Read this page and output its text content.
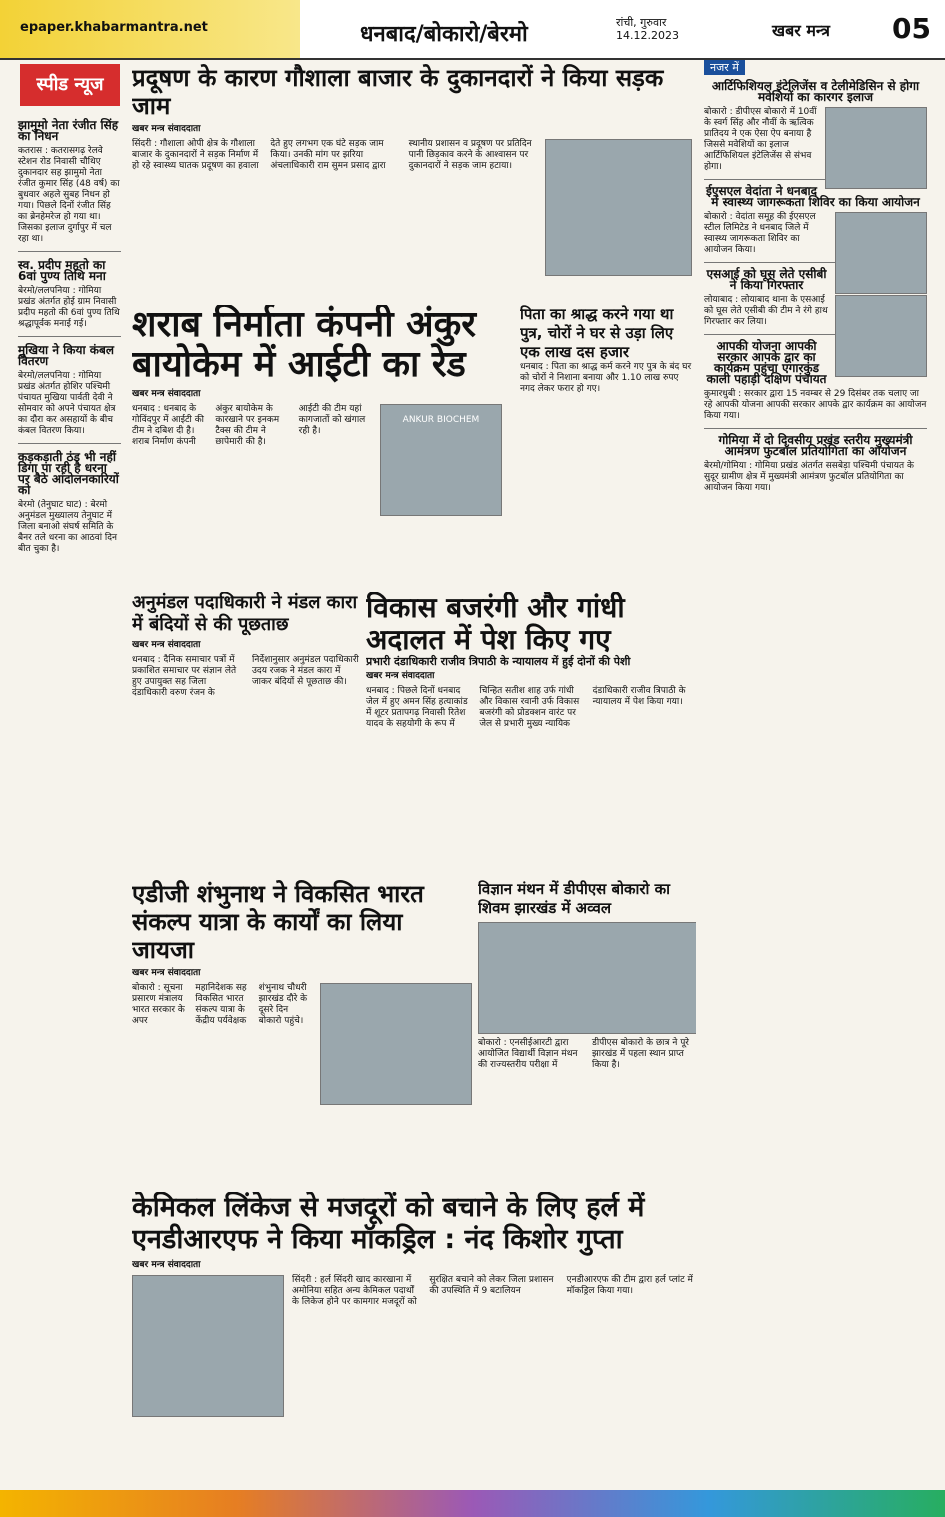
epaper.khabarmantra.net	धनबाद/बोकारो/बेरमो	रांची, गुरुवार
14.12.2023	खबर मन्त्र 05
स्पीड न्यूज
झामुमो नेता रंजीत सिंह का निधन
कतरास : कतरासगढ़ रेलवे स्टेशन रोड निवासी चौथिए दुकानदार सह झामुमो नेता रंजीत कुमार सिंह (48 वर्ष) का बुधवार अहले सुबह निधन हो गया। पिछले दिनों रंजीत सिंह का ब्रेनहेमरेज हो गया था। जिसका इलाज दुर्गापुर में चल रहा था।
स्व. प्रदीप महतो का 6वां पुण्य तिथि मना
बेरमो/ललपनिया : गोमिया प्रखंड अंतर्गत होई ग्राम निवासी प्रदीप महतो की 6वां पुण्य तिथि श्रद्धापूर्वक मनाई गई।
मुखिया ने किया कंबल वितरण
बेरमो/ललपनिया : गोमिया प्रखंड अंतर्गत होशिर पश्चिमी पंचायत मुखिया पार्वती देवी ने सोमवार को अपने पंचायत क्षेत्र का दौरा कर असहायों के बीच कंबल वितरण किया।
कड़कड़ाती ठंड भी नहीं डिगा पा रही है धरना पर बैठे आंदोलनकारियों को
बेरमो (तेनुघाट घाट) : बेरमो अनुमंडल मुख्यालय तेनुघाट में जिला बनाओ संघर्ष समिति के बैनर तले धरना का आठवां दिन बीत चुका है।
प्रदूषण के कारण गौशाला बाजार के दुकानदारों ने किया सड़क जाम
खबर मन्त्र संवाददाता
सिंदरी : गौशाला ओपी क्षेत्र के गौशाला बाजार के दुकानदारों ने सड़क निर्माण में हो रहे स्वास्थ्य घातक प्रदूषण का हवाला देते हुए लगभग एक घंटे सड़क जाम किया। उनकी मांग पर झरिया अंचलाधिकारी राम सुमन प्रसाद द्वारा स्थानीय प्रशासन व प्रदूषण पर प्रतिदिन पानी छिड़काव करने के आश्वासन पर दुकानदारों ने सड़क जाम हटाया।
शराब निर्माता कंपनी अंकुर बायोकेम में आईटी का रेड
खबर मन्त्र संवाददाता
ANKUR BIOCHEM
धनबाद : धनबाद के गोविंदपुर में आईटी की टीम ने दबिश दी है। शराब निर्माण कंपनी अंकुर बायोकेम के कारखाने पर इनकम टैक्स की टीम ने छापेमारी की है। आईटी की टीम यहां कागजातों को खंगाल रही है।
पिता का श्राद्ध करने गया था पुत्र, चोरों ने घर से उड़ा लिए एक लाख दस हजार
धनबाद : पिता का श्राद्ध कर्म करने गए पुत्र के बंद घर को चोरों ने निशाना बनाया और 1.10 लाख रुपए नगद लेकर फरार हो गए।
अनुमंडल पदाधिकारी ने मंडल कारा में बंदियों से की पूछताछ
खबर मन्त्र संवाददाता
धनबाद : दैनिक समाचार पत्रों में प्रकाशित समाचार पर संज्ञान लेते हुए उपायुक्त सह जिला दंडाधिकारी वरुण रंजन के निर्देशानुसार अनुमंडल पदाधिकारी उदय रजक ने मंडल कारा में जाकर बंदियों से पूछताछ की।
विकास बजरंगी और गांधी अदालत में पेश किए गए
प्रभारी दंडाधिकारी राजीव त्रिपाठी के न्यायालय में हुई दोनों की पेशी
खबर मन्त्र संवाददाता
धनबाद : पिछले दिनों धनबाद जेल में हुए अमन सिंह हत्याकांड में शूटर प्रतापगढ़ निवासी रितेश यादव के सहयोगी के रूप में चिन्हित सतीश शाह उर्फ गांधी और विकास रवानी उर्फ विकास बजरंगी को प्रोडक्शन वारंट पर जेल से प्रभारी मुख्य न्यायिक दंडाधिकारी राजीव त्रिपाठी के न्यायालय में पेश किया गया।
एडीजी शंभुनाथ ने विकसित भारत संकल्प यात्रा के कार्यों का लिया जायजा
खबर मन्त्र संवाददाता
बोकारो : सूचना प्रसारण मंत्रालय भारत सरकार के अपर महानिदेशक सह विकसित भारत संकल्प यात्रा के केंद्रीय पर्यवेक्षक शंभुनाथ चौधरी झारखंड दौरे के दूसरे दिन बोकारो पहुंचे।
विज्ञान मंथन में डीपीएस बोकारो का शिवम झारखंड में अव्वल
बोकारो : एनसीईआरटी द्वारा आयोजित विद्यार्थी विज्ञान मंथन की राज्यस्तरीय परीक्षा में डीपीएस बोकारो के छात्र ने पूरे झारखंड में पहला स्थान प्राप्त किया है।
केमिकल लिंकेज से मजदूरों को बचाने के लिए हर्ल में एनडीआरएफ ने किया मॉकड्रिल : नंद किशोर गुप्ता
खबर मन्त्र संवाददाता
सिंदरी : हर्ल सिंदरी खाद कारखाना में अमोनिया सहित अन्य केमिकल पदार्थों के लिकेज होने पर कामगार मजदूरों को सुरक्षित बचाने को लेकर जिला प्रशासन की उपस्थिति में 9 बटालियन एनडीआरएफ की टीम द्वारा हर्ल प्लांट में मॉकड्रिल किया गया।
नजर में
आर्टिफिशियल इंटेलिजेंस व टेलीमेडिसिन से होगा मवेशियों का कारगर इलाज
बोकारो : डीपीएस बोकारो में 10वीं के स्वर्ग सिंह और नौवीं के ऋत्विक प्रातिदय ने एक ऐसा ऐप बनाया है जिससे मवेशियों का इलाज आर्टिफिशियल इंटेलिजेंस से संभव होगा।
ईएसएल वेदांता ने धनबाद में स्वास्थ्य जागरूकता शिविर का किया आयोजन
बोकारो : वेदांता समूह की ईएसएल स्टील लिमिटेड ने धनबाद जिले में स्वास्थ्य जागरूकता शिविर का आयोजन किया।
एसआई को घूस लेते एसीबी ने किया गिरफ्तार
लोयाबाद : लोयाबाद थाना के एसआई को घूस लेते एसीबी की टीम ने रंगे हाथ गिरफ्तार कर लिया।
आपकी योजना आपकी सरकार आपके द्वार का कार्यक्रम पहुंचा एगारकुंड काली पहाड़ी दक्षिण पंचायत
कुमारधुबी : सरकार द्वारा 15 नवम्बर से 29 दिसंबर तक चलाए जा रहे आपकी योजना आपकी सरकार आपके द्वार कार्यक्रम का आयोजन किया गया।
गोमिया में दो दिवसीय प्रखंड स्तरीय मुख्यमंत्री आमंत्रण फुटबॉल प्रतियोगिता का आयोजन
बेरमो/गोमिया : गोमिया प्रखंड अंतर्गत ससबेड़ा पश्चिमी पंचायत के सुदूर ग्रामीण क्षेत्र में मुख्यमंत्री आमंत्रण फुटबॉल प्रतियोगिता का आयोजन किया गया।
